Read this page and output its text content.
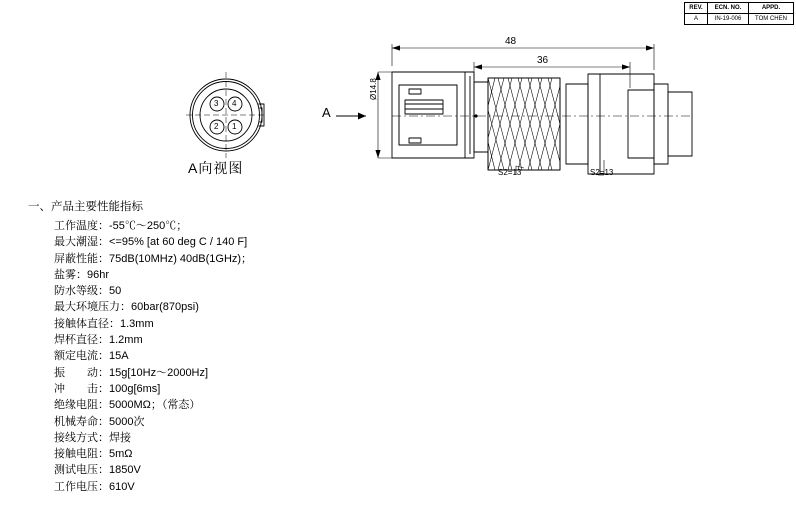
REV.	ECN. NO.	APPD.
A	IN-19-006	TOM CHEN
3 4
2 1
A向视图
A
48
36
Ø14.8
S2=13	S2=13
一、产品主要性能指标
工作温度：-55℃～250℃；
最大潮湿：<=95% [at 60 deg C / 140 F]
屏蔽性能：75dB(10MHz) 40dB(1GHz)；
盐雾：96hr
防水等级：50
最大环境压力：60bar(870psi)
接触体直径：1.3mm
焊杯直径：1.2mm
额定电流：15A
振　　动：15g[10Hz～2000Hz]
冲　　击：100g[6ms]
绝缘电阻：5000MΩ；（常态）
机械寿命：5000次
接线方式：焊接
接触电阻：5mΩ
测试电压：1850V
工作电压：610V
